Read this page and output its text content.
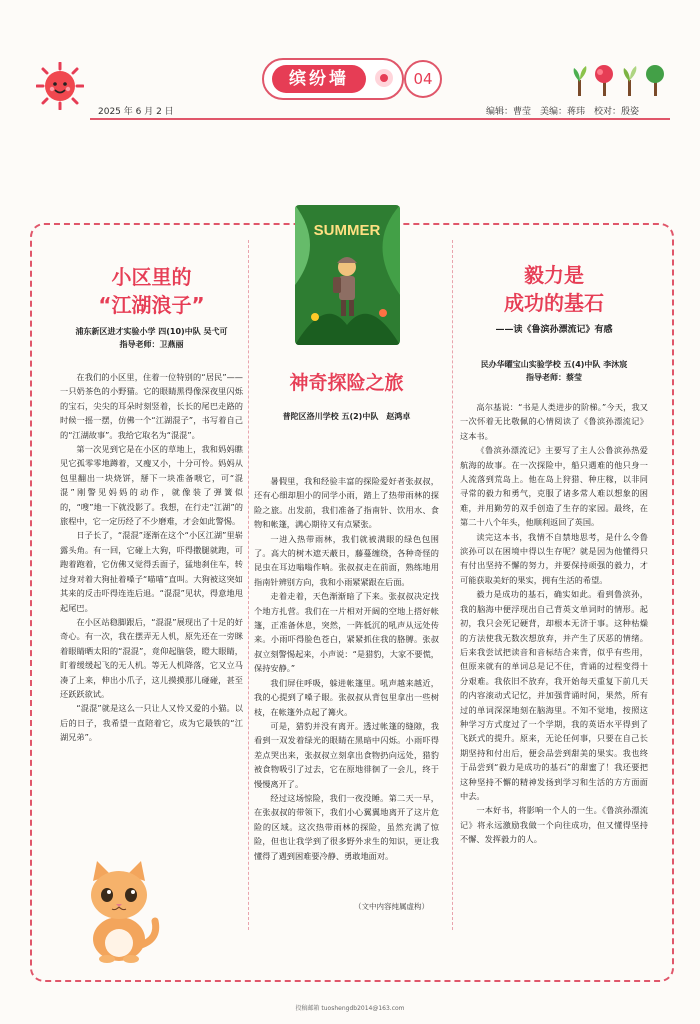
缤纷墙	04
2025 年 6 月 2 日	编辑：曹莹　美编：蒋玮　校对：殷姿
小区里的
“江湖浪子”
浦东新区进才实验小学 四(10)中队 吴弋可
指导老师：卫燕丽

在我们的小区里，住着一位特别的“居民”——一只奶茶色的小野猫。它的眼睛黑得像深夜里闪烁的宝石，尖尖的耳朵时刻竖着，长长的尾巴走路的时候一摇一摆，仿佛一个“江湖混子”，书写着自己的“江湖故事”。我给它取名为“混混”。

第一次见到它是在小区的草地上，我和妈妈瞧见它孤零零地蹲着，又瘦又小，十分可怜。妈妈从包里翻出一块烧饼，掰下一块准备喂它，可“混混”刚警见妈妈的动作，就像装了弹簧似的，“嗖”地一下就没影了。我想，在行走“江湖”的旅程中，它一定历经了不少磨难，才会如此警惕。

日子长了，“混混”逐渐在这个“小区江湖”里崭露头角。有一回，它碰上大狗，吓得撒腿就跑，可跑着跑着，它仿佛又觉得丢面子，猛地刹住车，转过身对着大狗扯着嗓子“喵喵”直叫。大狗被这突如其来的反击吓得连连后退。“混混”见状，得意地甩起尾巴。

在小区站稳脚跟后，“混混”展现出了十足的好奇心。有一次，我在摆弄无人机，原先还在一旁眯着眼睛晒太阳的“混混”，竟仰起脑袋，瞪大眼睛，盯着缓缓起飞的无人机。等无人机降落，它又立马凑了上来，伸出小爪子，这儿摸摸那儿碰碰，甚至还跃跃欲试。

“混混”就是这么一只让人又怜又爱的小猫。以后的日子，我希望一直陪着它，成为它最铁的“江湖兄弟”。

SUMMER
神奇探险之旅
普陀区洛川学校 五(2)中队　赵鸿卓

暑假里，我和经验丰富的探险爱好者张叔叔，还有心细却胆小的同学小雨，踏上了热带雨林的探险之旅。出发前，我们准备了指南针、饮用水、食物和帐篷，满心期待又有点紧张。

一进入热带雨林，我们就被满眼的绿色包围了。高大的树木遮天蔽日，藤蔓缠绕，各种奇怪的昆虫在耳边嗡嗡作响。张叔叔走在前面，熟练地用指南针辨别方向，我和小雨紧紧跟在后面。

走着走着，天色渐渐暗了下来。张叔叔决定找个地方扎营。我们在一片相对开阔的空地上搭好帐篷，正准备休息，突然，一阵低沉的吼声从远处传来。小雨吓得脸色苍白，紧紧抓住我的胳膊。张叔叔立刻警惕起来，小声说：“是猎豹，大家不要慌，保持安静。”

我们屏住呼吸，躲进帐篷里。吼声越来越近，我的心提到了嗓子眼。张叔叔从背包里拿出一些树枝，在帐篷外点起了篝火。

可是，猎豹并没有离开。透过帐篷的缝隙，我看到一双发着绿光的眼睛在黑暗中闪烁。小雨吓得差点哭出来，张叔叔立刻拿出食物扔向远处，猎豹被食物吸引了过去，它在原地徘徊了一会儿，终于慢慢离开了。

经过这场惊险，我们一夜没睡。第二天一早，在张叔叔的带领下，我们小心翼翼地离开了这片危险的区域。这次热带雨林的探险，虽然充满了惊险，但也让我学到了很多野外求生的知识，更让我懂得了遇到困难要冷静、勇敢地面对。

（文中内容纯属虚构）
毅力是
成功的基石
——读《鲁滨孙漂流记》有感
民办华曜宝山实验学校 五(4)中队 李沐宸
指导老师：蔡莹

高尔基说：“书是人类进步的阶梯。”今天，我又一次怀着无比敬佩的心情阅读了《鲁滨孙漂流记》这本书。

《鲁滨孙漂流记》主要写了主人公鲁滨孙热爱航海的故事。在一次探险中，船只遇难的他只身一人流落到荒岛上。他在岛上狩猎、种庄稼，以非同寻常的毅力和勇气，克服了诸多常人难以想象的困难，并用勤劳的双手创造了生存的家园。最终，在第二十八个年头，他顺利返回了英国。

读完这本书，我情不自禁地思考，是什么令鲁滨孙可以在困境中得以生存呢？就是因为他懂得只有付出坚持不懈的努力，并要保持顽强的毅力，才可能获取美好的果实，拥有生活的希望。

毅力是成功的基石，确实如此。看到鲁滨孙，我的脑海中便浮现出自己背英文单词时的情形。起初，我只会死记硬背，却根本无济于事。这种枯燥的方法使我无数次想放弃，并产生了厌恶的情绪。后来我尝试把读音和音标结合来背，似乎有些用，但原来就有的单词总是记不住，背诵的过程变得十分艰难。我依旧不放弃，我开始每天重复下前几天的内容滚动式记忆，并加强背诵时间，果然，所有过的单词深深地刻在脑海里。不知不觉地，按照这种学习方式度过了一个学期，我的英语水平得到了飞跃式的提升。原来，无论任何事，只要在自己长期坚持和付出后，便会品尝到甜美的果实。我也终于品尝到“毅力是成功的基石”的甜蜜了！我还要把这种坚持不懈的精神发扬到学习和生活的方方面面中去。

一本好书，将影响一个人的一生。《鲁滨孙漂流记》将永远激励我做一个向往成功，但又懂得坚持不懈、发挥毅力的人。

投稿邮箱 tuoshengdb2014@163.com
